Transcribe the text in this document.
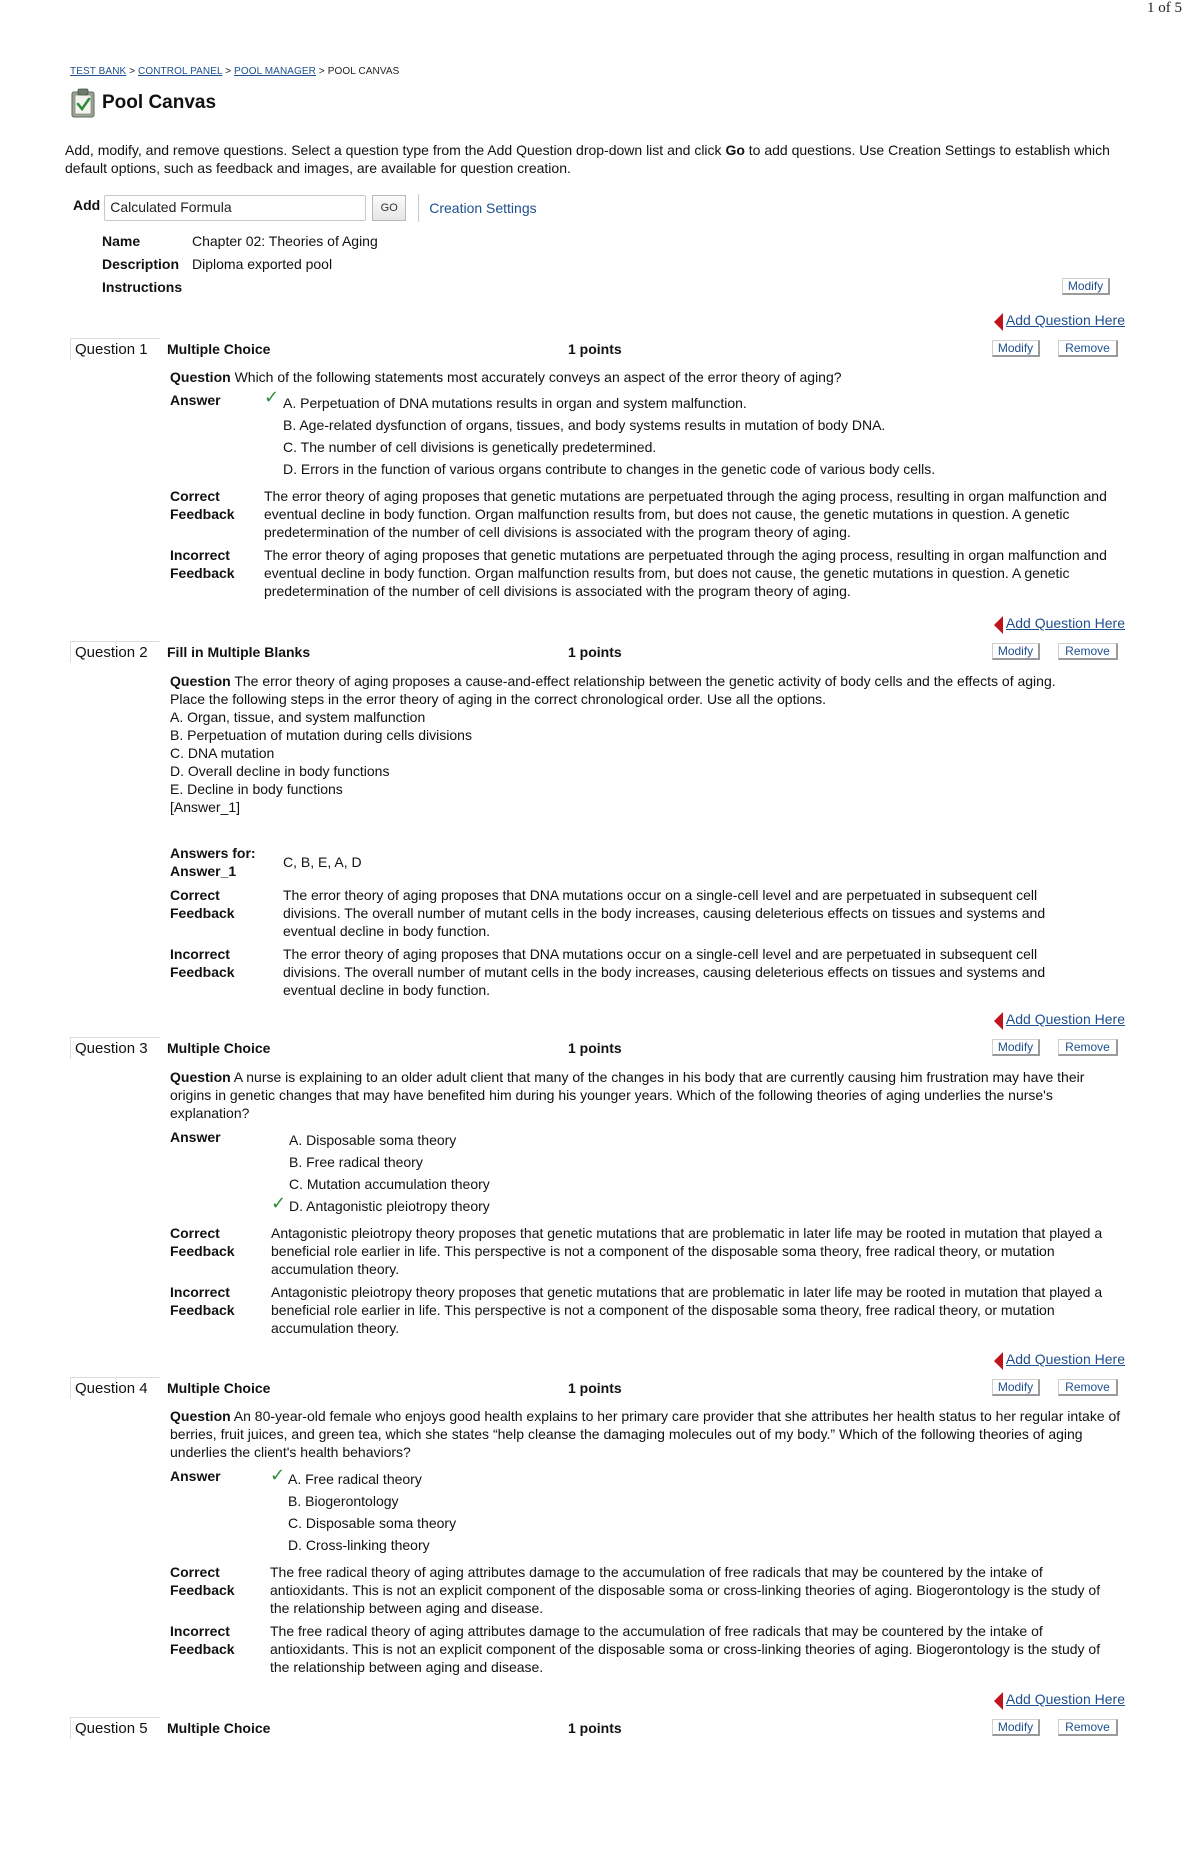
1 of 5
TEST BANK > CONTROL PANEL > POOL MANAGER > POOL CANVAS
Pool Canvas
Add, modify, and remove questions. Select a question type from the Add Question drop-down list and click Go to add questions. Use Creation Settings to establish which default options, such as feedback and images, are available for question creation.
Add Calculated Formula	GO	Creation Settings
Name	Chapter 02: Theories of Aging
Description Diploma exported pool
Instructions	Modify
Add Question Here
Question 1	Multiple Choice	1 points	Modify	Remove
Question Which of the following statements most accurately conveys an aspect of the error theory of aging?
Answer ✓ A. Perpetuation of DNA mutations results in organ and system malfunction.
B. Age-related dysfunction of organs, tissues, and body systems results in mutation of body DNA.
C. The number of cell divisions is genetically predetermined.
D. Errors in the function of various organs contribute to changes in the genetic code of various body cells.
Correct
Feedback
The error theory of aging proposes that genetic mutations are perpetuated through the aging process, resulting in organ malfunction and eventual decline in body function. Organ malfunction results from, but does not cause, the genetic mutations in question. A genetic predetermination of the number of cell divisions is associated with the program theory of aging.
Incorrect
Feedback
The error theory of aging proposes that genetic mutations are perpetuated through the aging process, resulting in organ malfunction and eventual decline in body function. Organ malfunction results from, but does not cause, the genetic mutations in question. A genetic predetermination of the number of cell divisions is associated with the program theory of aging.
Add Question Here
Question 2	Fill in Multiple Blanks	1 points	Modify	Remove
Question The error theory of aging proposes a cause-and-effect relationship between the genetic activity of body cells and the effects of aging.
Place the following steps in the error theory of aging in the correct chronological order. Use all the options.
A. Organ, tissue, and system malfunction
B. Perpetuation of mutation during cells divisions
C. DNA mutation
D. Overall decline in body functions
E. Decline in body functions
[Answer_1]
Answers for:
Answer_1
C, B, E, A, D
Correct
Feedback
The error theory of aging proposes that DNA mutations occur on a single-cell level and are perpetuated in subsequent cell divisions. The overall number of mutant cells in the body increases, causing deleterious effects on tissues and systems and eventual decline in body function.
Incorrect
Feedback
The error theory of aging proposes that DNA mutations occur on a single-cell level and are perpetuated in subsequent cell divisions. The overall number of mutant cells in the body increases, causing deleterious effects on tissues and systems and eventual decline in body function.
Add Question Here
Question 3	Multiple Choice	1 points	Modify	Remove
Question A nurse is explaining to an older adult client that many of the changes in his body that are currently causing him frustration may have their origins in genetic changes that may have benefited him during his younger years. Which of the following theories of aging underlies the nurse's explanation?
Answer	A. Disposable soma theory
B. Free radical theory
C. Mutation accumulation theory
✓ D. Antagonistic pleiotropy theory
Correct
Feedback
Antagonistic pleiotropy theory proposes that genetic mutations that are problematic in later life may be rooted in mutation that played a beneficial role earlier in life. This perspective is not a component of the disposable soma theory, free radical theory, or mutation accumulation theory.
Incorrect
Feedback
Antagonistic pleiotropy theory proposes that genetic mutations that are problematic in later life may be rooted in mutation that played a beneficial role earlier in life. This perspective is not a component of the disposable soma theory, free radical theory, or mutation accumulation theory.
Add Question Here
Question 4	Multiple Choice	1 points	Modify	Remove
Question An 80-year-old female who enjoys good health explains to her primary care provider that she attributes her health status to her regular intake of berries, fruit juices, and green tea, which she states “help cleanse the damaging molecules out of my body.” Which of the following theories of aging underlies the client's health behaviors?
Answer	✓ A. Free radical theory
B. Biogerontology
C. Disposable soma theory
D. Cross-linking theory
Correct
Feedback
The free radical theory of aging attributes damage to the accumulation of free radicals that may be countered by the intake of antioxidants. This is not an explicit component of the disposable soma or cross-linking theories of aging. Biogerontology is the study of the relationship between aging and disease.
Incorrect
Feedback
The free radical theory of aging attributes damage to the accumulation of free radicals that may be countered by the intake of antioxidants. This is not an explicit component of the disposable soma or cross-linking theories of aging. Biogerontology is the study of the relationship between aging and disease.
Add Question Here
Question 5	Multiple Choice	1 points	Modify	Remove
